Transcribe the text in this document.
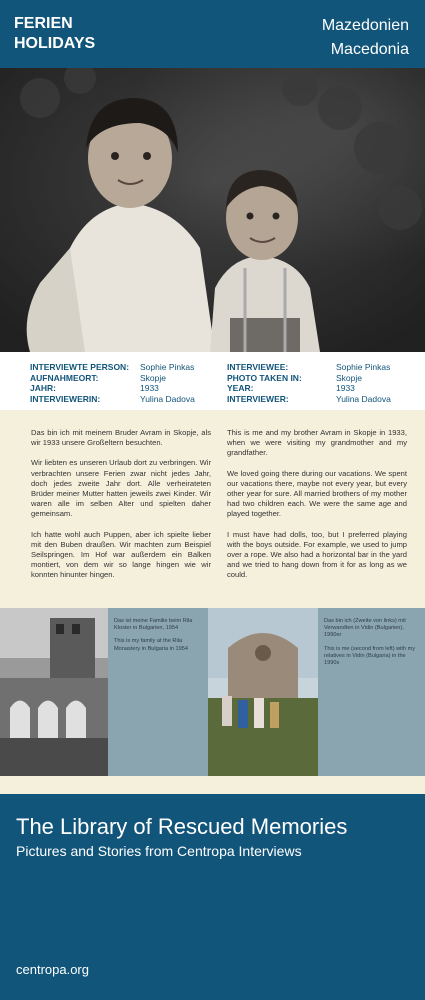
FERIEN
HOLIDAYS
Mazedonien
Macedonia
INTERVIEWTE PERSON:
AUFNAHMEORT:
JAHR:
INTERVIEWERIN:
Sophie Pinkas
Skopje
1933
Yulina Dadova
INTERVIEWEE:
PHOTO TAKEN IN:
YEAR:
INTERVIEWER:
Sophie Pinkas
Skopje
1933
Yulina Dadova

Das bin ich mit meinem Bruder Avram in Skopje, als wir 1933 unsere Großeltern besuchten.

Wir liebten es unseren Urlaub dort zu verbringen. Wir verbrachten unsere Ferien zwar nicht jedes Jahr, doch jedes zweite Jahr dort. Alle verheirateten Brüder meiner Mutter hatten jeweils zwei Kinder. Wir waren alle im selben Alter und spielten daher gemeinsam.

Ich hatte wohl auch Puppen, aber ich spielte lieber mit den Buben draußen. Wir machten zum Beispiel Seilspringen. Im Hof war außerdem ein Balken montiert, von dem wir so lange hingen wie wir konnten hinunter hingen.

This is me and my brother Avram in Skopje in 1933, when we were visiting my grandmother and my grandfather.

We loved going there during our vacations. We spent our vacations there, maybe not every year, but every other year for sure. All married brothers of my mother had two children each. We were the same age and played together.

I must have had dolls, too, but I preferred playing with the boys outside. For example, we used to jump over a rope. We also had a horizontal bar in the yard and we tried to hang down from it for as long as we could.

Das ist meine Familie beim Rila Kloster in Bulgarien, 1954

This is my family at the Rila Monastery in Bulgaria in 1954

Das bin ich (Zweite von links) mit Verwandten in Vidin (Bulgarien), 1990er

This is me (second from left) with my relatives in Vidin (Bulgaria) in the 1990s

The Library of Rescued Memories
Pictures and Stories from Centropa Interviews
centropa.org
